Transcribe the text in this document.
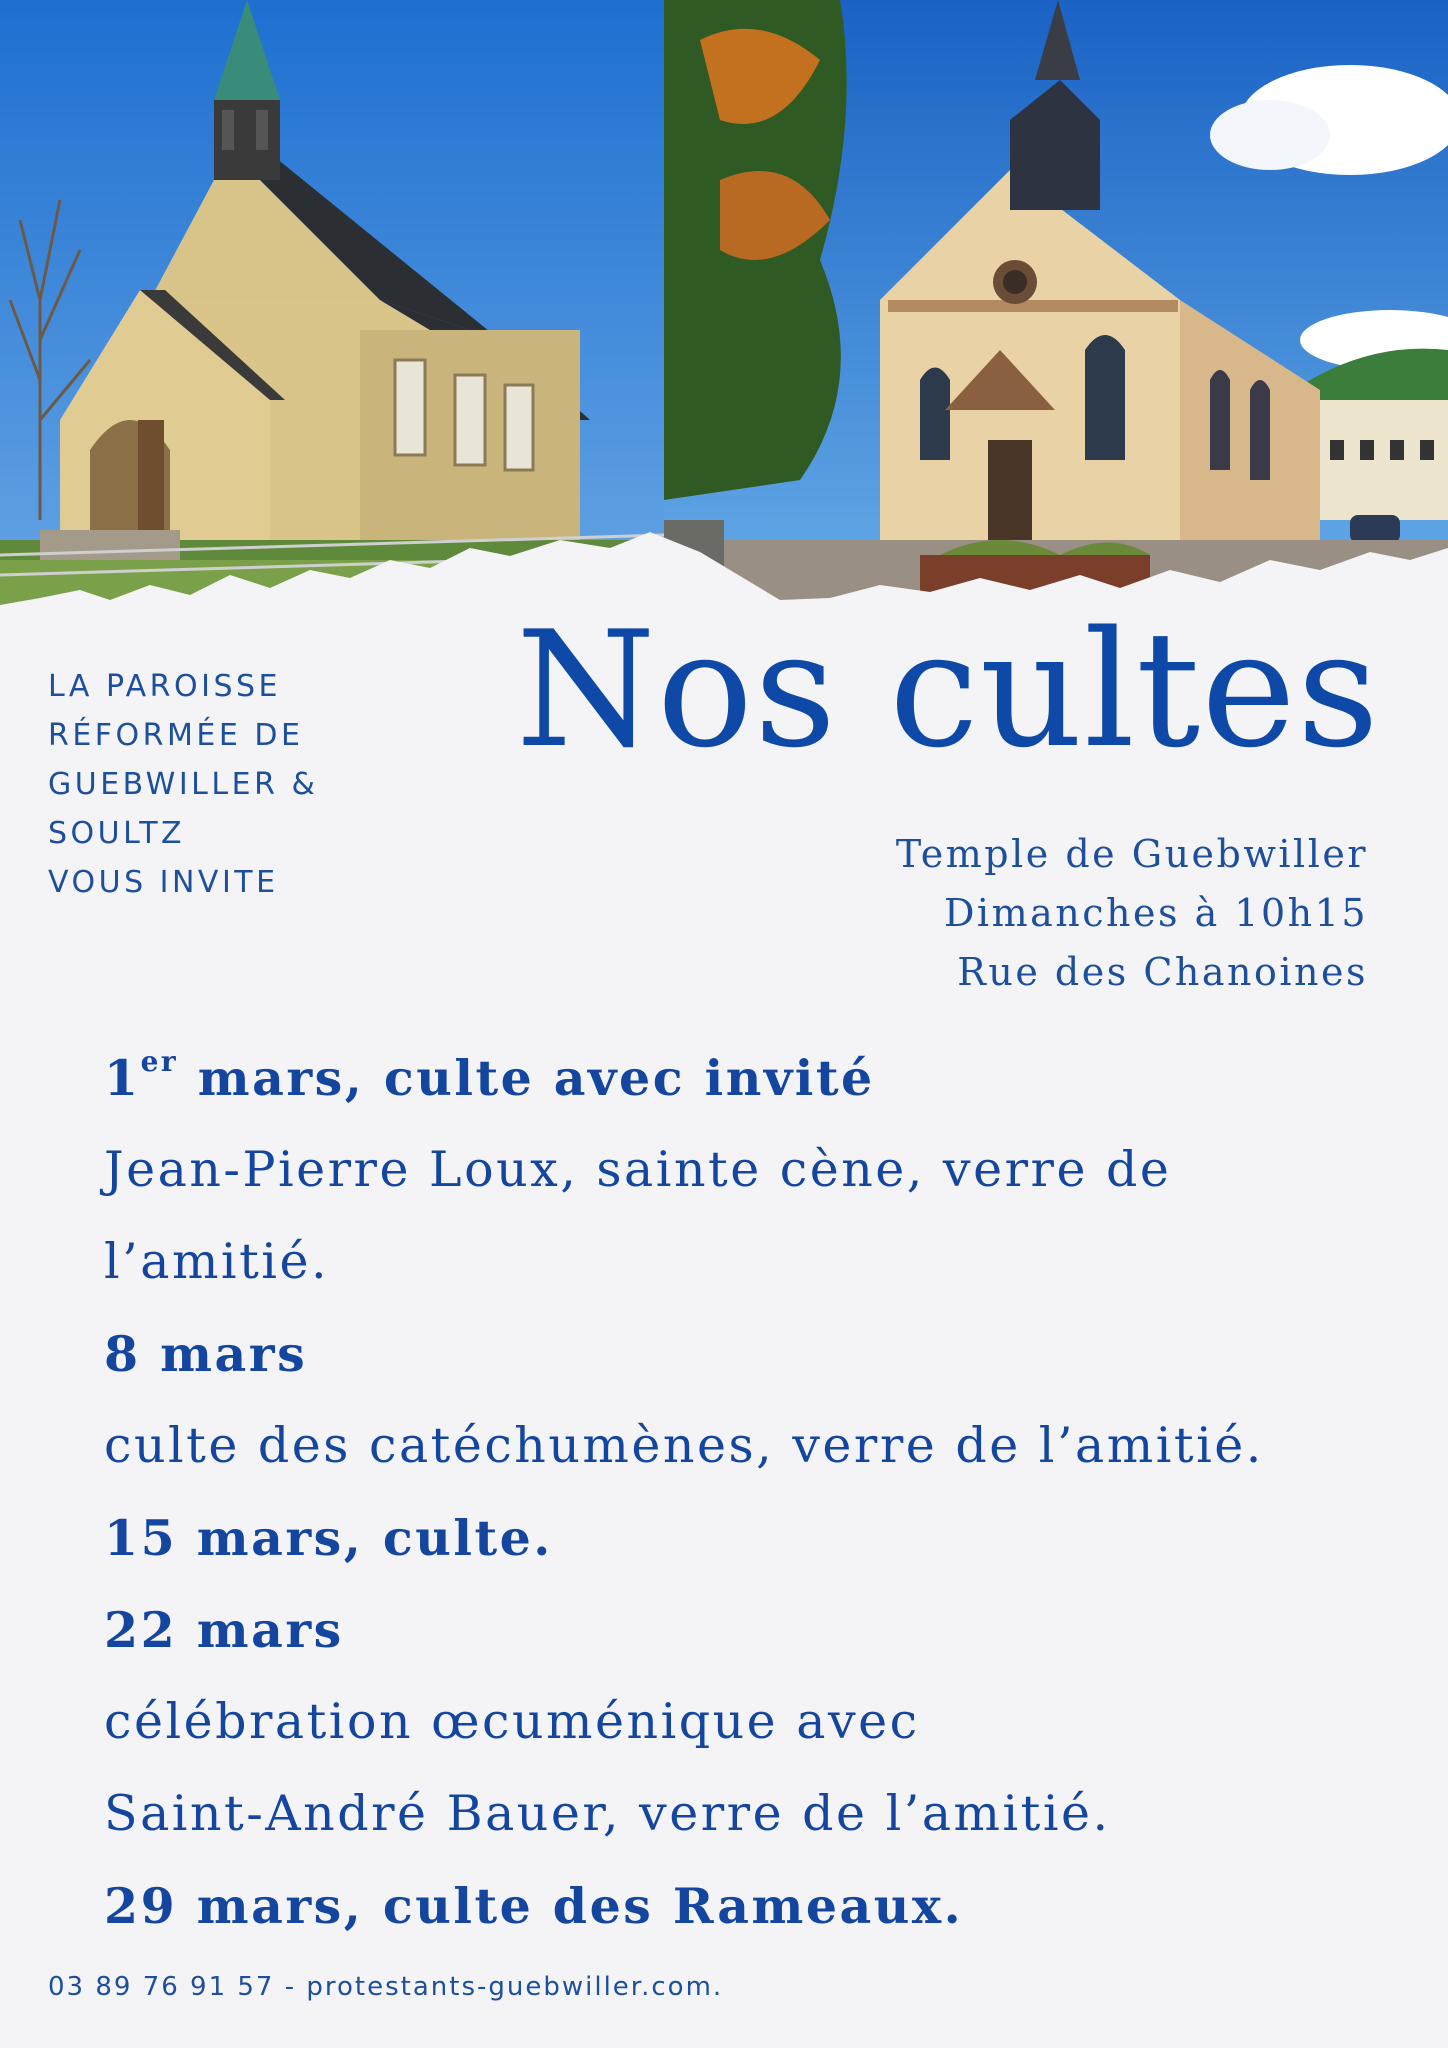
LA PAROISSE
RÉFORMÉE DE
GUEBWILLER &
SOULTZ
VOUS INVITE
Nos cultes
Temple de Guebwiller
Dimanches à 10h15
Rue des Chanoines
1er mars, culte avec invité
Jean-Pierre Loux, sainte cène, verre de
l’amitié.
8 mars
culte des catéchumènes, verre de l’amitié.
15 mars, culte.
22 mars
célébration œcuménique avec
Saint-André Bauer, verre de l’amitié.
29 mars, culte des Rameaux.
03 89 76 91 57 - protestants-guebwiller.com.
